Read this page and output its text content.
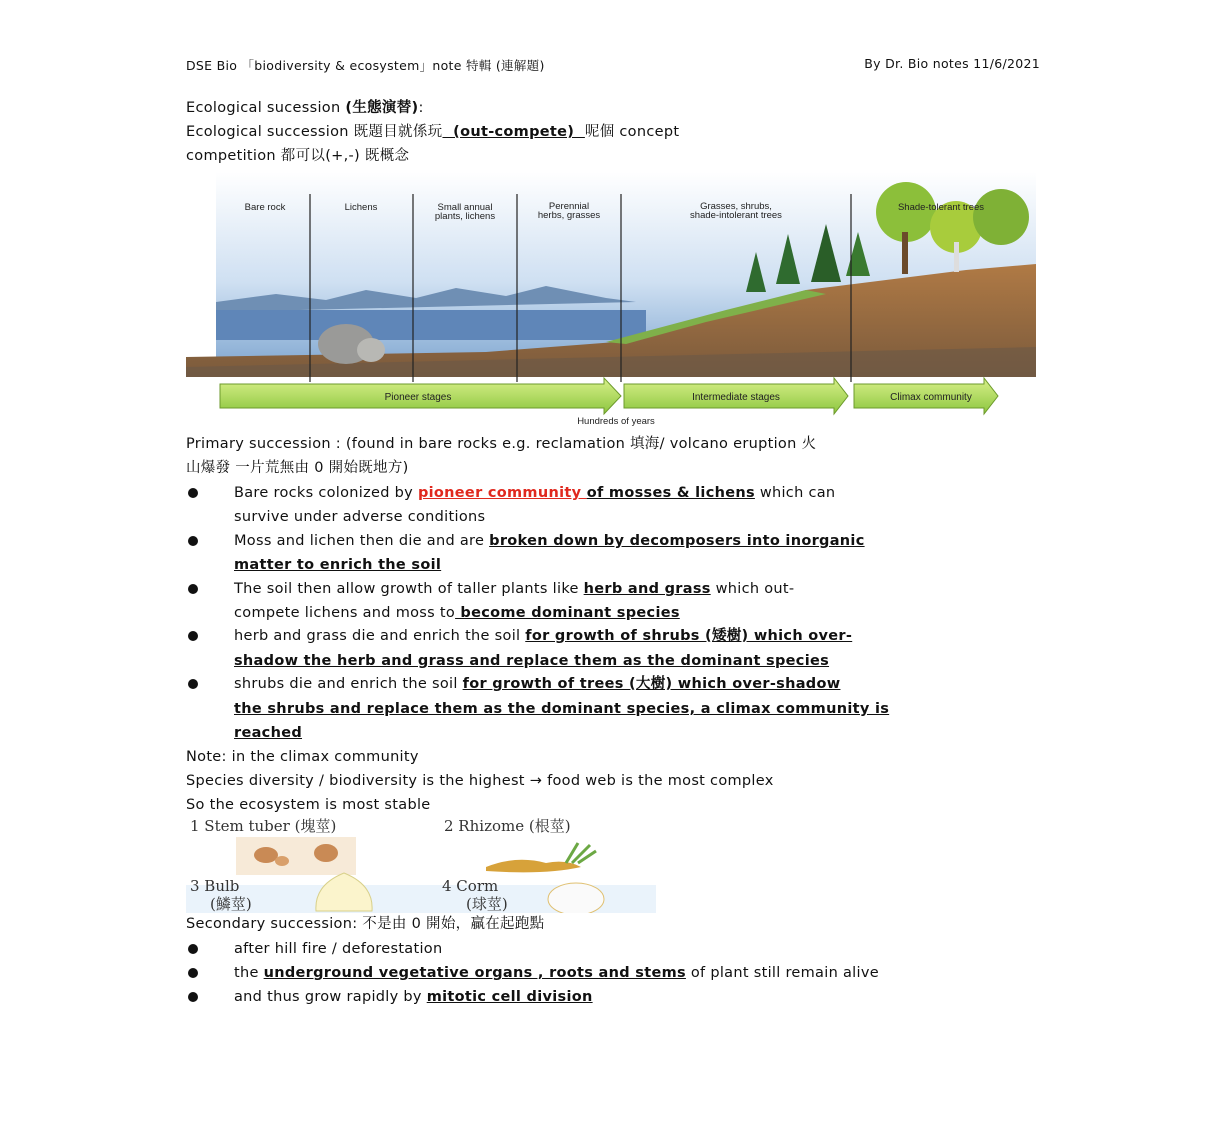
DSE Bio 「biodiversity & ecosystem」note 特輯 (連解題)	By Dr. Bio notes 11/6/2021
Ecological sucession (生態演替):
Ecological succession 既題目就係玩  (out-compete)  呢個 concept
competition 都可以(+,-) 既概念
Bare rock	Lichens	Small annual
plants, lichens
Perennial
herbs, grasses
Grasses, shrubs,
shade-intolerant trees
Shade-tolerant trees
Pioneer stages	Intermediate stages	Climax community
Hundreds of years
Primary succession : (found in bare rocks e.g. reclamation 填海/ volcano eruption 火
山爆發 一片荒無由 0 開始既地方)
Bare rocks colonized by pioneer community of mosses & lichens which can
survive under adverse conditions
Moss and lichen then die and are broken down by decomposers into inorganic
matter to enrich the soil
The soil then allow growth of taller plants like herb and grass which out-
compete lichens and moss to become dominant species
herb and grass die and enrich the soil for growth of shrubs (矮樹) which over-
shadow the herb and grass and replace them as the dominant species
shrubs die and enrich the soil for growth of trees (大樹) which over-shadow
the shrubs and replace them as the dominant species, a climax community is
reached
Note: in the climax community
Species diversity / biodiversity is the highest → food web is the most complex
So the ecosystem is most stable
1 Stem tuber (塊莖)	2 Rhizome (根莖)
3 Bulb
(鱗莖)
4 Corm
(球莖)
Secondary succession: 不是由 0 開始，贏在起跑點
after hill fire / deforestation
the underground vegetative organs , roots and stems of plant still remain alive
and thus grow rapidly by mitotic cell division
